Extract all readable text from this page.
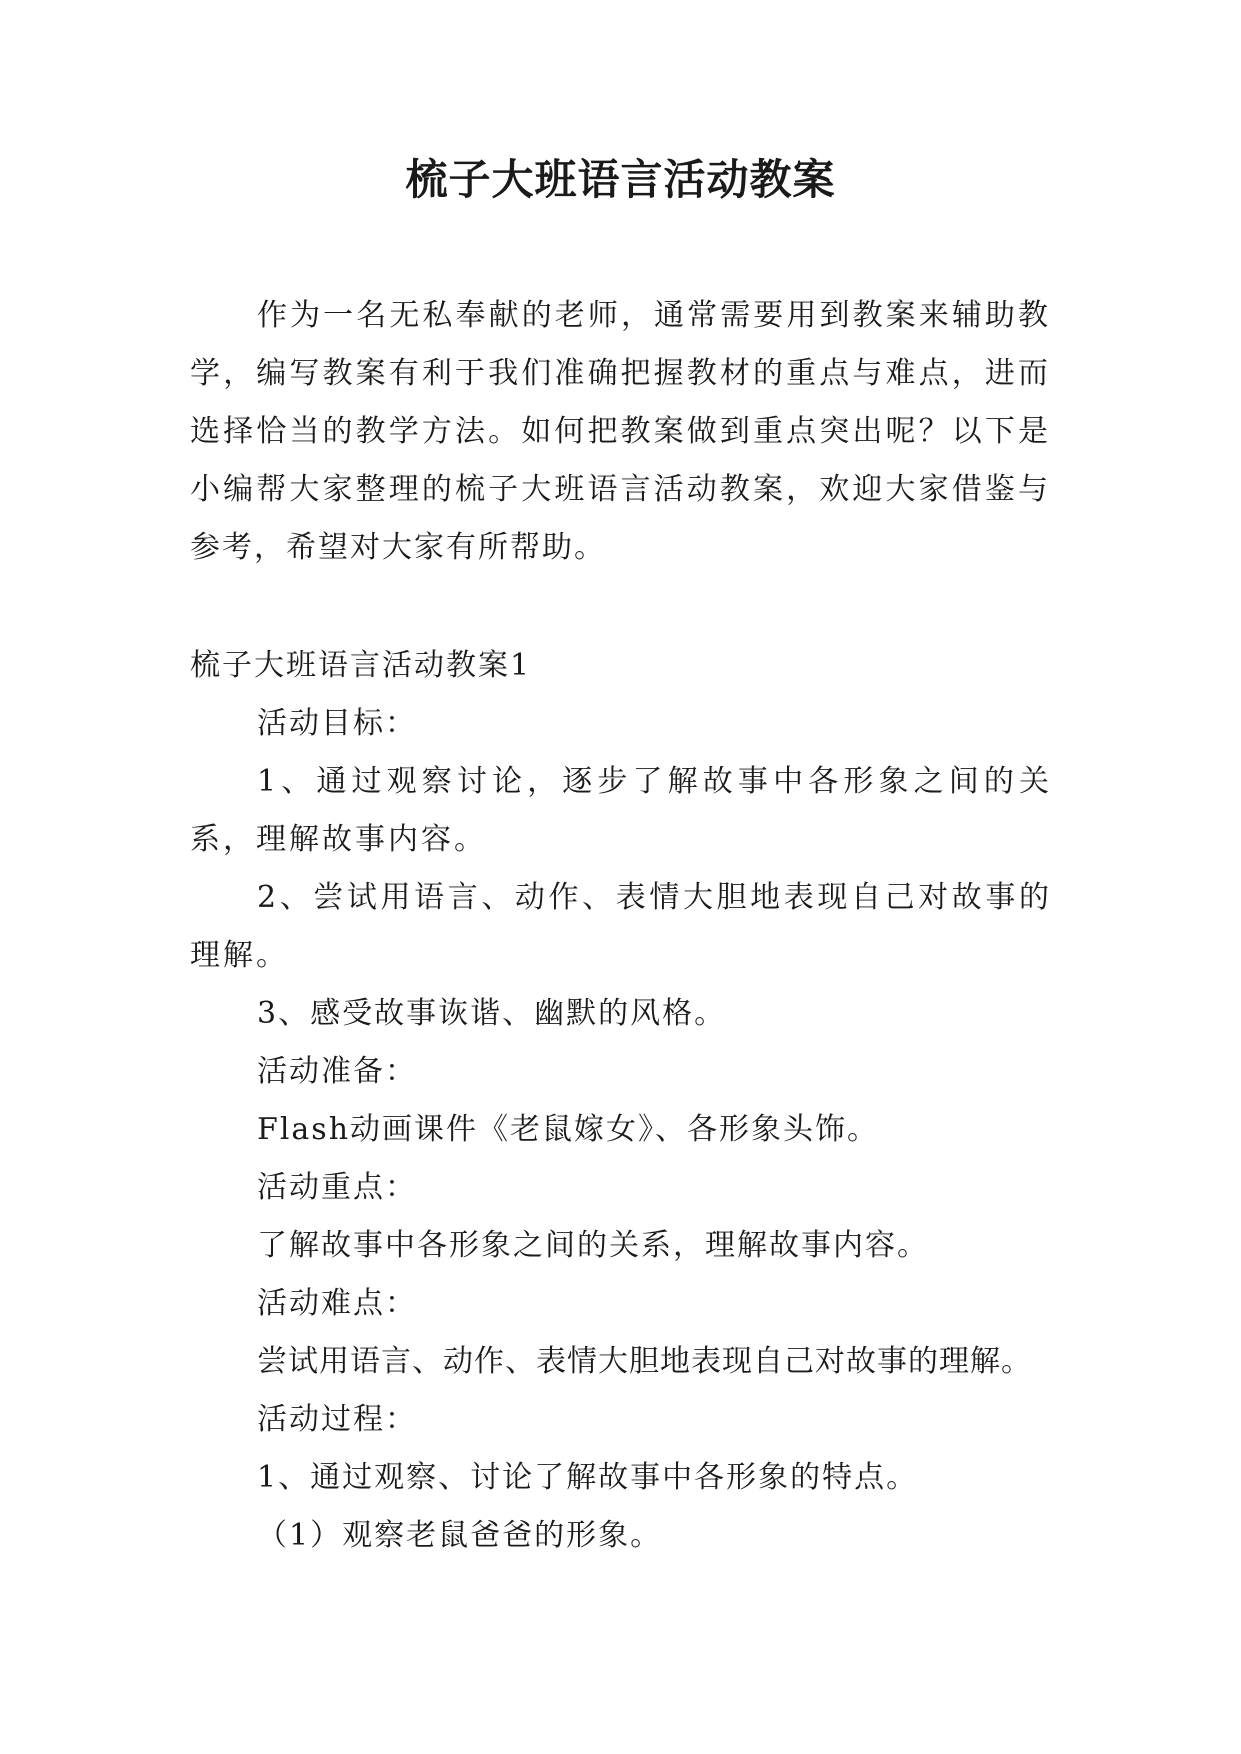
梳子大班语言活动教案

作为一名无私奉献的老师，通常需要用到教案来辅助教学，编写教案有利于我们准确把握教材的重点与难点，进而选择恰当的教学方法。如何把教案做到重点突出呢？以下是小编帮大家整理的梳子大班语言活动教案，欢迎大家借鉴与参考，希望对大家有所帮助。

梳子大班语言活动教案1
活动目标：

1、通过观察讨论，逐步了解故事中各形象之间的关系，理解故事内容。

2、尝试用语言、动作、表情大胆地表现自己对故事的理解。

3、感受故事诙谐、幽默的风格。
活动准备：
Flash动画课件《老鼠嫁女》、各形象头饰。
活动重点：
了解故事中各形象之间的关系，理解故事内容。
活动难点：
尝试用语言、动作、表情大胆地表现自己对故事的理解。
活动过程：
1、通过观察、讨论了解故事中各形象的特点。
（1）观察老鼠爸爸的形象。
